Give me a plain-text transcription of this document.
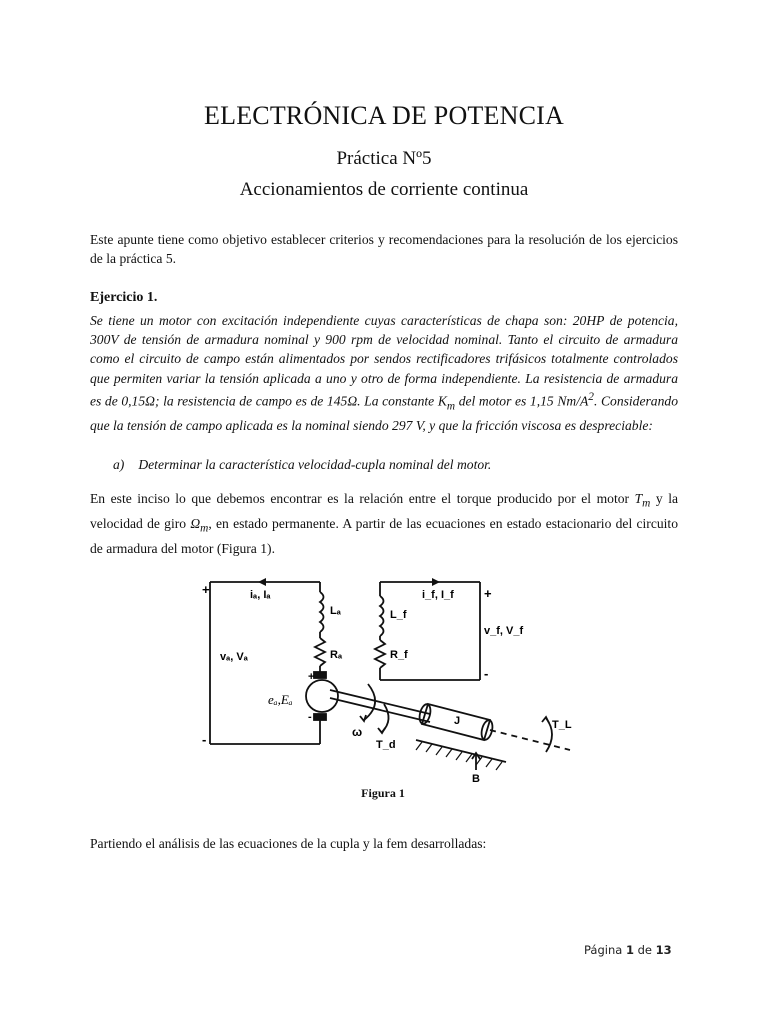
ELECTRÓNICA DE POTENCIA
Práctica Nº5
Accionamientos de corriente continua
Este apunte tiene como objetivo establecer criterios y recomendaciones para la resolución de los ejercicios de la práctica 5.
Ejercicio 1.
Se tiene un motor con excitación independiente cuyas características de chapa son: 20HP de potencia, 300V de tensión de armadura nominal y 900 rpm de velocidad nominal. Tanto el circuito de armadura como el circuito de campo están alimentados por sendos rectificadores trifásicos totalmente controlados que permiten variar la tensión aplicada a uno y otro de forma independiente. La resistencia de armadura es de 0,15Ω; la resistencia de campo es de 145Ω. La constante $K_m$ del motor es 1,15 $Nm/A^2$. Considerando que la tensión de campo aplicada es la nominal siendo 297 V, y que la fricción viscosa es despreciable:
a) Determinar la característica velocidad-cupla nominal del motor.
En este inciso lo que debemos encontrar es la relación entre el torque producido por el motor $T_m$ y la velocidad de giro $\Omega_m$, en estado permanente. A partir de las ecuaciones en estado estacionario del circuito de armadura del motor (Figura 1).
+
-
iₐ, Iₐ
Lₐ
Rₐ
vₐ, Vₐ
eₐ,Eₐ
+
-
ω
T_d
J	T_L
B
i_f, I_f
L_f
R_f
v_f, V_f
+
-
Figura 1
Partiendo el análisis de las ecuaciones de la cupla y la fem desarrolladas:
Página 1 de 13
